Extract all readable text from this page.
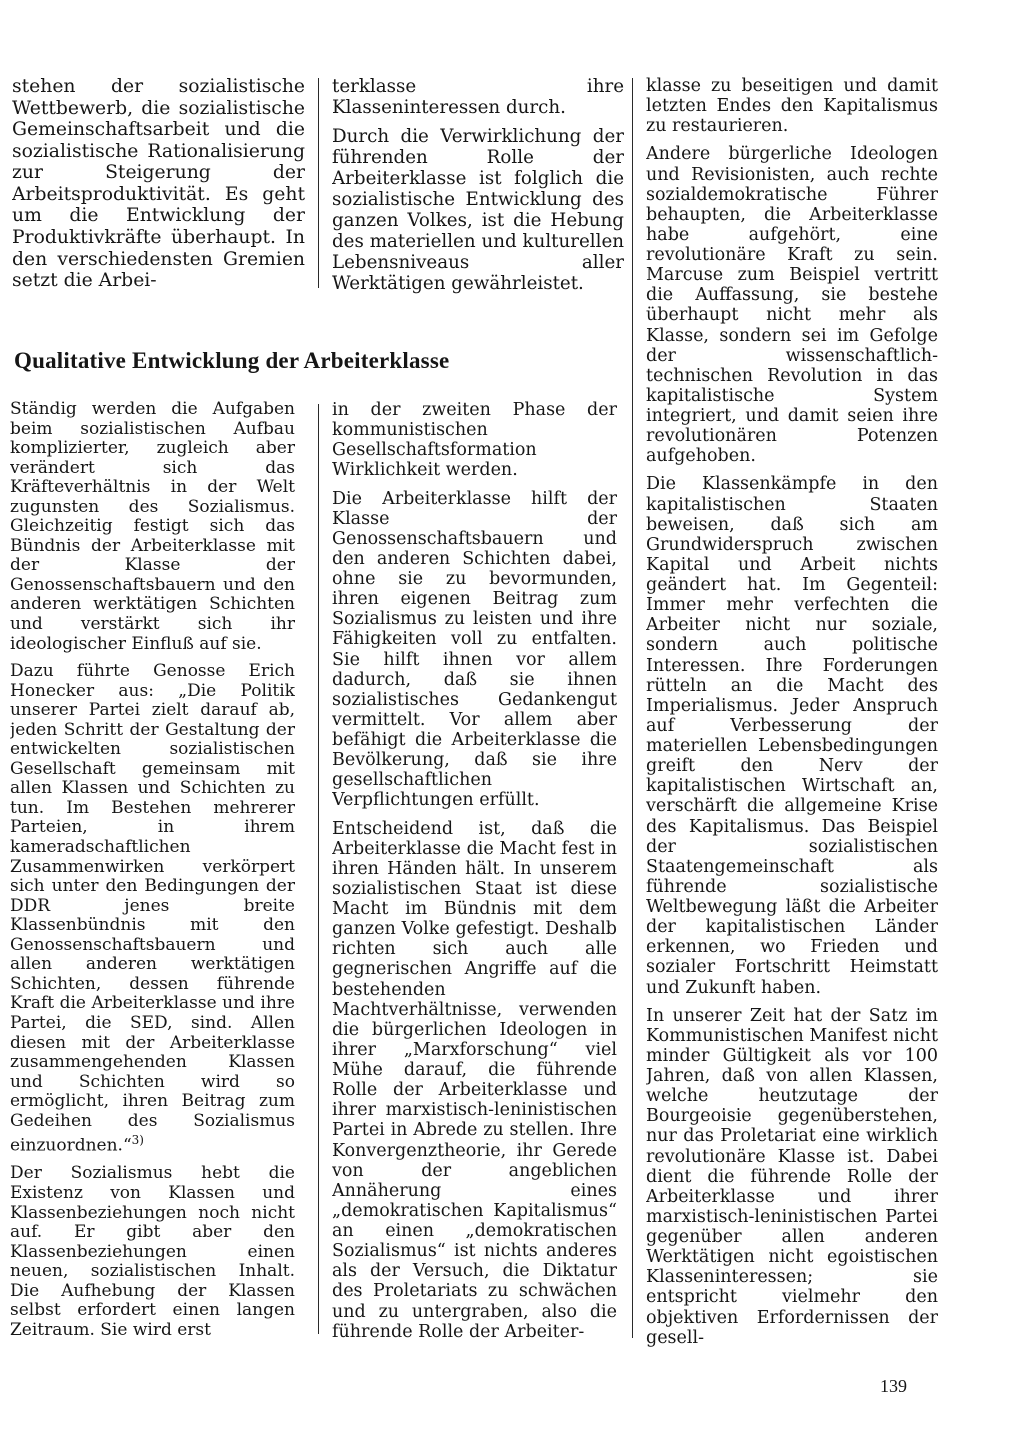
stehen der sozialistische Wettbewerb, die sozialistische Gemeinschaftsarbeit und die sozialistische Rationalisierung zur Steigerung der Arbeitsproduktivität. Es geht um die Entwicklung der Produktivkräfte überhaupt. In den verschiedensten Gremien setzt die Arbei-

terklasse ihre Klasseninteressen durch.

Durch die Verwirklichung der führenden Rolle der Arbeiterklasse ist folglich die sozialistische Entwicklung des ganzen Volkes, ist die Hebung des materiellen und kulturellen Lebensniveaus aller Werktätigen gewährleistet.

Qualitative Entwicklung der Arbeiterklasse

Ständig werden die Aufgaben beim sozialistischen Aufbau komplizierter, zugleich aber verändert sich das Kräfteverhältnis in der Welt zugunsten des Sozialismus. Gleichzeitig festigt sich das Bündnis der Arbeiterklasse mit der Klasse der Genossenschaftsbauern und den anderen werktätigen Schichten und verstärkt sich ihr ideologischer Einfluß auf sie.

Dazu führte Genosse Erich Honecker aus: „Die Politik unserer Partei zielt darauf ab, jeden Schritt der Gestaltung der entwickelten sozialistischen Gesellschaft gemeinsam mit allen Klassen und Schichten zu tun. Im Bestehen mehrerer Parteien, in ihrem kameradschaftlichen Zusammenwirken verkörpert sich unter den Bedingungen der DDR jenes breite Klassenbündnis mit den Genossenschaftsbauern und allen anderen werktätigen Schichten, dessen führende Kraft die Arbeiterklasse und ihre Partei, die SED, sind. Allen diesen mit der Arbeiterklasse zusammengehenden Klassen und Schichten wird so ermöglicht, ihren Beitrag zum Gedeihen des Sozialismus einzuordnen.“$^{3)}$

Der Sozialismus hebt die Existenz von Klassen und Klassenbeziehungen noch nicht auf. Er gibt aber den Klassenbeziehungen einen neuen, sozialistischen Inhalt. Die Aufhebung der Klassen selbst erfordert einen langen Zeitraum. Sie wird erst

in der zweiten Phase der kommunistischen Gesellschaftsformation Wirklichkeit werden.

Die Arbeiterklasse hilft der Klasse der Genossenschaftsbauern und den anderen Schichten dabei, ohne sie zu bevormunden, ihren eigenen Beitrag zum Sozialismus zu leisten und ihre Fähigkeiten voll zu entfalten. Sie hilft ihnen vor allem dadurch, daß sie ihnen sozialistisches Gedankengut vermittelt. Vor allem aber befähigt die Arbeiterklasse die Bevölkerung, daß sie ihre gesellschaftlichen Verpflichtungen erfüllt.

Entscheidend ist, daß die Arbeiterklasse die Macht fest in ihren Händen hält. In unserem sozialistischen Staat ist diese Macht im Bündnis mit dem ganzen Volke gefestigt. Deshalb richten sich auch alle gegnerischen Angriffe auf die bestehenden Machtverhältnisse, verwenden die bürgerlichen Ideologen in ihrer „Marxforschung“ viel Mühe darauf, die führende Rolle der Arbeiterklasse und ihrer marxistisch-leninistischen Partei in Abrede zu stellen. Ihre Konvergenztheorie, ihr Gerede von der angeblichen Annäherung eines „demokratischen Kapitalismus“ an einen „demokratischen Sozialismus“ ist nichts anderes als der Versuch, die Diktatur des Proletariats zu schwächen und zu untergraben, also die führende Rolle der Arbeiter-

klasse zu beseitigen und damit letzten Endes den Kapitalismus zu restaurieren.

Andere bürgerliche Ideologen und Revisionisten, auch rechte sozialdemokratische Führer behaupten, die Arbeiterklasse habe aufgehört, eine revolutionäre Kraft zu sein. Marcuse zum Beispiel vertritt die Auffassung, sie bestehe überhaupt nicht mehr als Klasse, sondern sei im Gefolge der wissenschaftlich-technischen Revolution in das kapitalistische System integriert, und damit seien ihre revolutionären Potenzen aufgehoben.

Die Klassenkämpfe in den kapitalistischen Staaten beweisen, daß sich am Grundwiderspruch zwischen Kapital und Arbeit nichts geändert hat. Im Gegenteil: Immer mehr verfechten die Arbeiter nicht nur soziale, sondern auch politische Interessen. Ihre Forderungen rütteln an die Macht des Imperialismus. Jeder Anspruch auf Verbesserung der materiellen Lebensbedingungen greift den Nerv der kapitalistischen Wirtschaft an, verschärft die allgemeine Krise des Kapitalismus. Das Beispiel der sozialistischen Staatengemeinschaft als führende sozialistische Weltbewegung läßt die Arbeiter der kapitalistischen Länder erkennen, wo Frieden und sozialer Fortschritt Heimstatt und Zukunft haben.

In unserer Zeit hat der Satz im Kommunistischen Manifest nicht minder Gültigkeit als vor 100 Jahren, daß von allen Klassen, welche heutzutage der Bourgeoisie gegenüberstehen, nur das Proletariat eine wirklich revolutionäre Klasse ist. Dabei dient die führende Rolle der Arbeiterklasse und ihrer marxistisch-leninistischen Partei gegenüber allen anderen Werktätigen nicht egoistischen Klasseninteressen; sie entspricht vielmehr den objektiven Erfordernissen der gesell-

139
